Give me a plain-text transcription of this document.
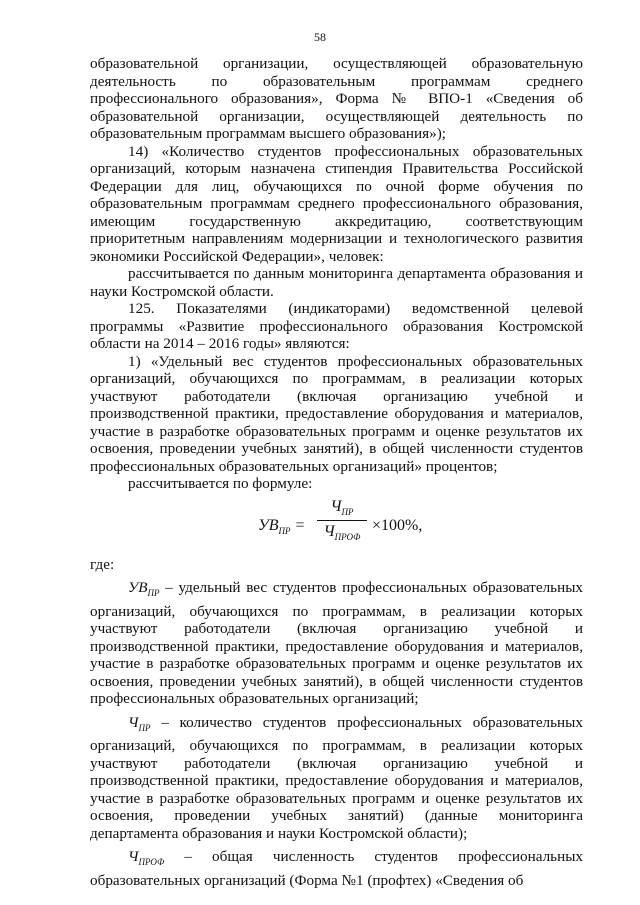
58

образовательной организации, осуществляющей образовательную деятельность по образовательным программам среднего профессионального образования», Форма № ВПО-1 «Сведения об образовательной организации, осуществляющей деятельность по образовательным программам высшего образования»);

14) «Количество студентов профессиональных образовательных организаций, которым назначена стипендия Правительства Российской Федерации для лиц, обучающихся по очной форме обучения по образовательным программам среднего профессионального образования, имеющим государственную аккредитацию, соответствующим приоритетным направлениям модернизации и технологического развития экономики Российской Федерации», человек:

рассчитывается по данным мониторинга департамента образования и науки Костромской области.

125. Показателями (индикаторами) ведомственной целевой программы «Развитие профессионального образования Костромской области на 2014 – 2016 годы» являются:

1) «Удельный вес студентов профессиональных образовательных организаций, обучающихся по программам, в реализации которых участвуют работодатели (включая организацию учебной и производственной практики, предоставление оборудования и материалов, участие в разработке образовательных программ и оценке результатов их освоения, проведении учебных занятий), в общей численности студентов профессиональных образовательных организаций» процентов;

рассчитывается по формуле:

$УВ_{ПР}$ =
$Ч_{ПР}$
$Ч_{ПРОФ}$
×100%,

где:

$УВ_{ПР}$ – удельный вес студентов профессиональных образовательных организаций, обучающихся по программам, в реализации которых участвуют работодатели (включая организацию учебной и производственной практики, предоставление оборудования и материалов, участие в разработке образовательных программ и оценке результатов их освоения, проведении учебных занятий), в общей численности студентов профессиональных образовательных организаций;

$Ч_{ПР}$ – количество студентов профессиональных образовательных организаций, обучающихся по программам, в реализации которых участвуют работодатели (включая организацию учебной и производственной практики, предоставление оборудования и материалов, участие в разработке образовательных программ и оценке результатов их освоения, проведении учебных занятий) (данные мониторинга департамента образования и науки Костромской области);

$Ч_{ПРОФ}$ – общая численность студентов профессиональных образовательных организаций (Форма №1 (профтех) «Сведения об
